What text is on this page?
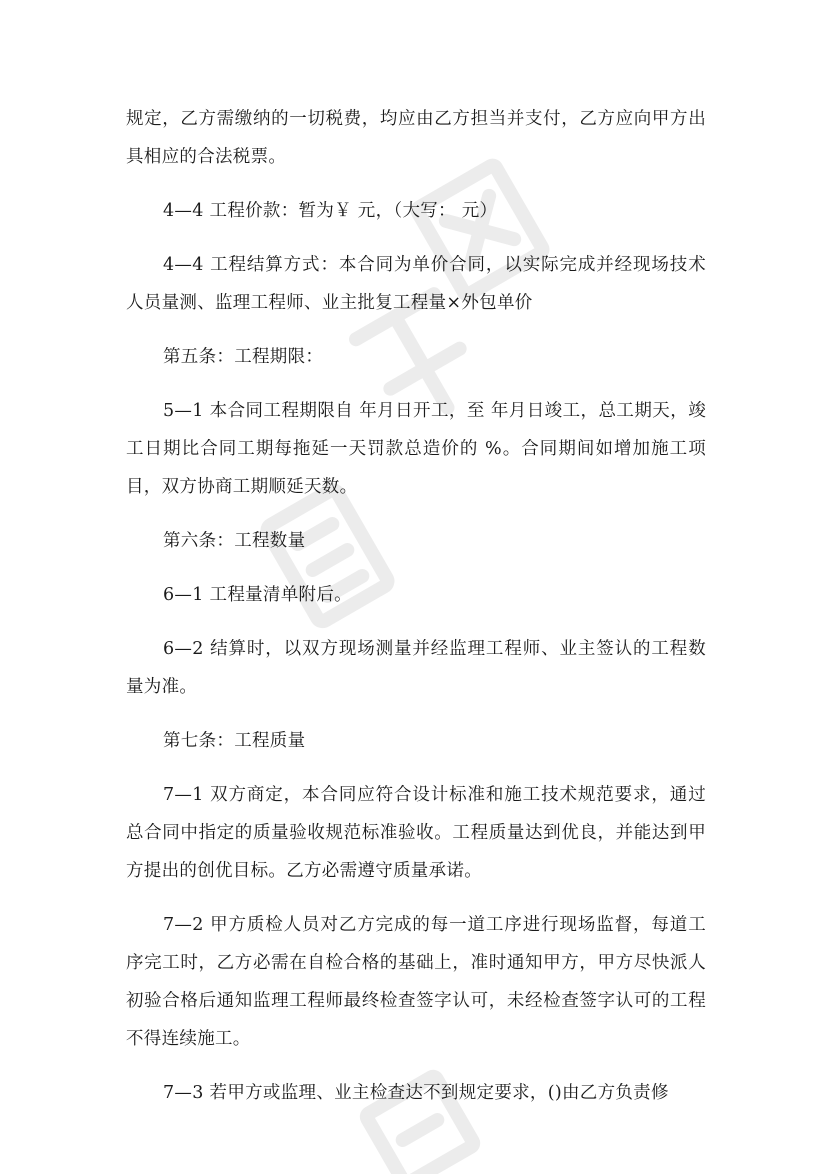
规定，乙方需缴纳的一切税费，均应由乙方担当并支付，乙方应向甲方出具相应的合法税票。

4—4 工程价款：暂为￥ 元，（大写： 元）

4—4 工程结算方式：本合同为单价合同，以实际完成并经现场技术人员量测、监理工程师、业主批复工程量×外包单价

第五条：工程期限：

5—1 本合同工程期限自 年月日开工，至 年月日竣工，总工期天，竣工日期比合同工期每拖延一天罚款总造价的 %。合同期间如增加施工项目，双方协商工期顺延天数。

第六条：工程数量

6—1 工程量清单附后。

6—2 结算时，以双方现场测量并经监理工程师、业主签认的工程数量为准。

第七条：工程质量

7—1 双方商定，本合同应符合设计标准和施工技术规范要求，通过总合同中指定的质量验收规范标准验收。工程质量达到优良，并能达到甲方提出的创优目标。乙方必需遵守质量承诺。

7—2 甲方质检人员对乙方完成的每一道工序进行现场监督，每道工序完工时，乙方必需在自检合格的基础上，准时通知甲方，甲方尽快派人初验合格后通知监理工程师最终检查签字认可，未经检查签字认可的工程不得连续施工。

7—3 若甲方或监理、业主检查达不到规定要求，()由乙方负责修
